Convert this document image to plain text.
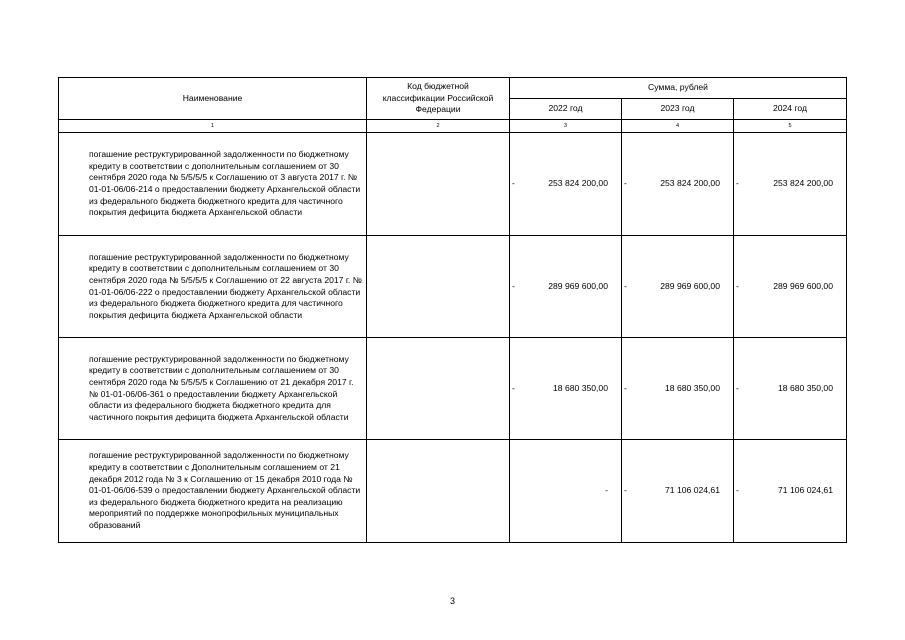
Наименование	Код бюджетной классификации Российской Федерации	Сумма, рублей		
		2022 год	2023 год	2024 год
1	2	3	4	5
погашение реструктурированной задолженности по бюджетному кредиту в соответствии с дополнительным соглашением от 30 сентября 2020 года № 5/5/5/5 к Соглашению от 3 августа 2017 г. № 01-01-06/06-214 о предоставлении бюджету Архангельской области из федерального бюджета бюджетного кредита для частичного покрытия дефицита бюджета Архангельской области		- 253 824 200,00	- 253 824 200,00	- 253 824 200,00
погашение реструктурированной задолженности по бюджетному кредиту в соответствии с дополнительным соглашением от 30 сентября 2020 года № 5/5/5/5 к Соглашению от 22 августа 2017 г. № 01-01-06/06-222 о предоставлении бюджету Архангельской области из федерального бюджета бюджетного кредита для частичного покрытия дефицита бюджета Архангельской области		- 289 969 600,00	- 289 969 600,00	- 289 969 600,00
погашение реструктурированной задолженности по бюджетному кредиту в соответствии с дополнительным соглашением от 30 сентября 2020 года № 5/5/5/5 к Соглашению от 21 декабря 2017 г. № 01-01-06/06-361 о предоставлении бюджету Архангельской области из федерального бюджета бюджетного кредита для частичного покрытия дефицита бюджета Архангельской области		- 18 680 350,00	- 18 680 350,00	- 18 680 350,00
погашение реструктурированной задолженности по бюджетному кредиту в соответствии с Дополнительным соглашением от 21 декабря 2012 года № 3 к Соглашению от 15 декабря 2010 года № 01-01-06/06-539 о предоставлении бюджету Архангельской области из федерального бюджета бюджетного кредита на реализацию мероприятий по поддержке монопрофильных муниципальных образований		-	- 71 106 024,61	- 71 106 024,61
3
